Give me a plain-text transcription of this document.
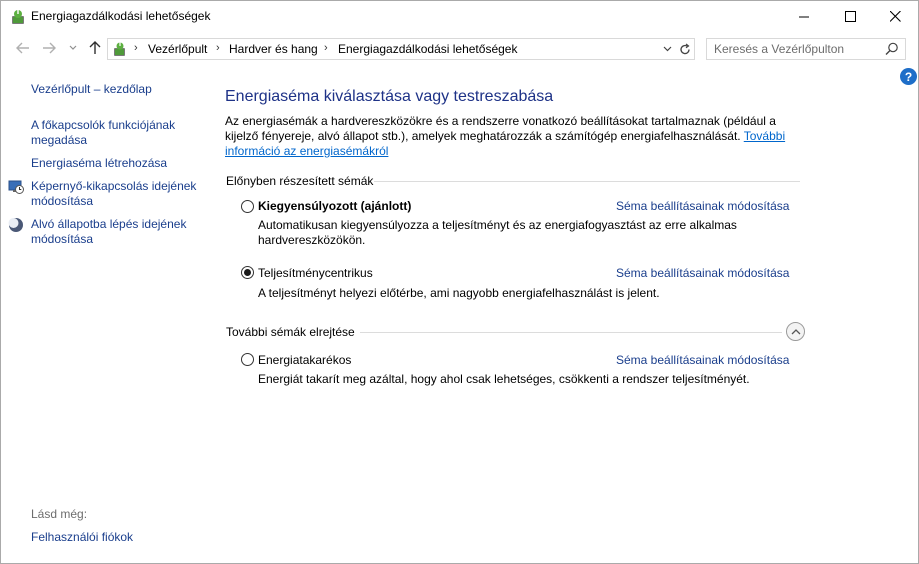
Energiagazdálkodási lehetőségek
› Vezérlőpult › Hardver és hang › Energiagazdálkodási lehetőségek
Keresés a Vezérlőpulton
?
Vezérlőpult – kezdőlap
A főkapcsolók funkciójának megadása
Energiaséma létrehozása
Képernyő-kikapcsolás idejének módosítása
Alvó állapotba lépés idejének módosítása
Lásd még:
Felhasználói fiókok
Energiaséma kiválasztása vagy testreszabása
Az energiasémák a hardvereszközökre és a rendszerre vonatkozó beállításokat tartalmaznak (például a kijelző fényereje, alvó állapot stb.), amelyek meghatározzák a számítógép energiafelhasználását. További információ az energiasémákról
Előnyben részesített sémák
Kiegyensúlyozott (ajánlott)	Séma beállításainak módosítása
Automatikusan kiegyensúlyozza a teljesítményt és az energiafogyasztást az erre alkalmas hardvereszközökön.
Teljesítménycentrikus	Séma beállításainak módosítása
A teljesítményt helyezi előtérbe, ami nagyobb energiafelhasználást is jelent.
További sémák elrejtése
Energiatakarékos	Séma beállításainak módosítása
Energiát takarít meg azáltal, hogy ahol csak lehetséges, csökkenti a rendszer teljesítményét.
